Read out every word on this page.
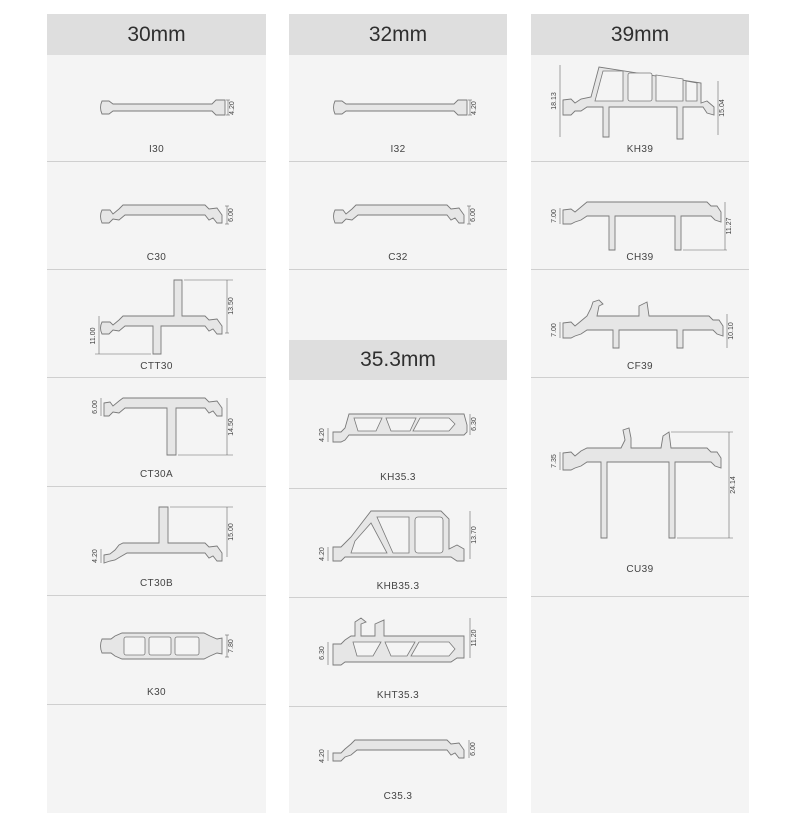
30mm
4.20
I30
6.00
C30
13.50
11.00
CTT30
14.50
6.00
CT30A
15.00
4.20
CT30B
7.80
K30
32mm
4.20
I32
6.00
C32
35.3mm
6.30
4.20
KH35.3
13.70
4.20
KHB35.3
11.20
6.30
KHT35.3
6.00
4.20
C35.3
39mm
18.13	15.04
KH39
7.00
11.27
CH39
7.00	10.10
CF39
7.35
24.14
CU39
